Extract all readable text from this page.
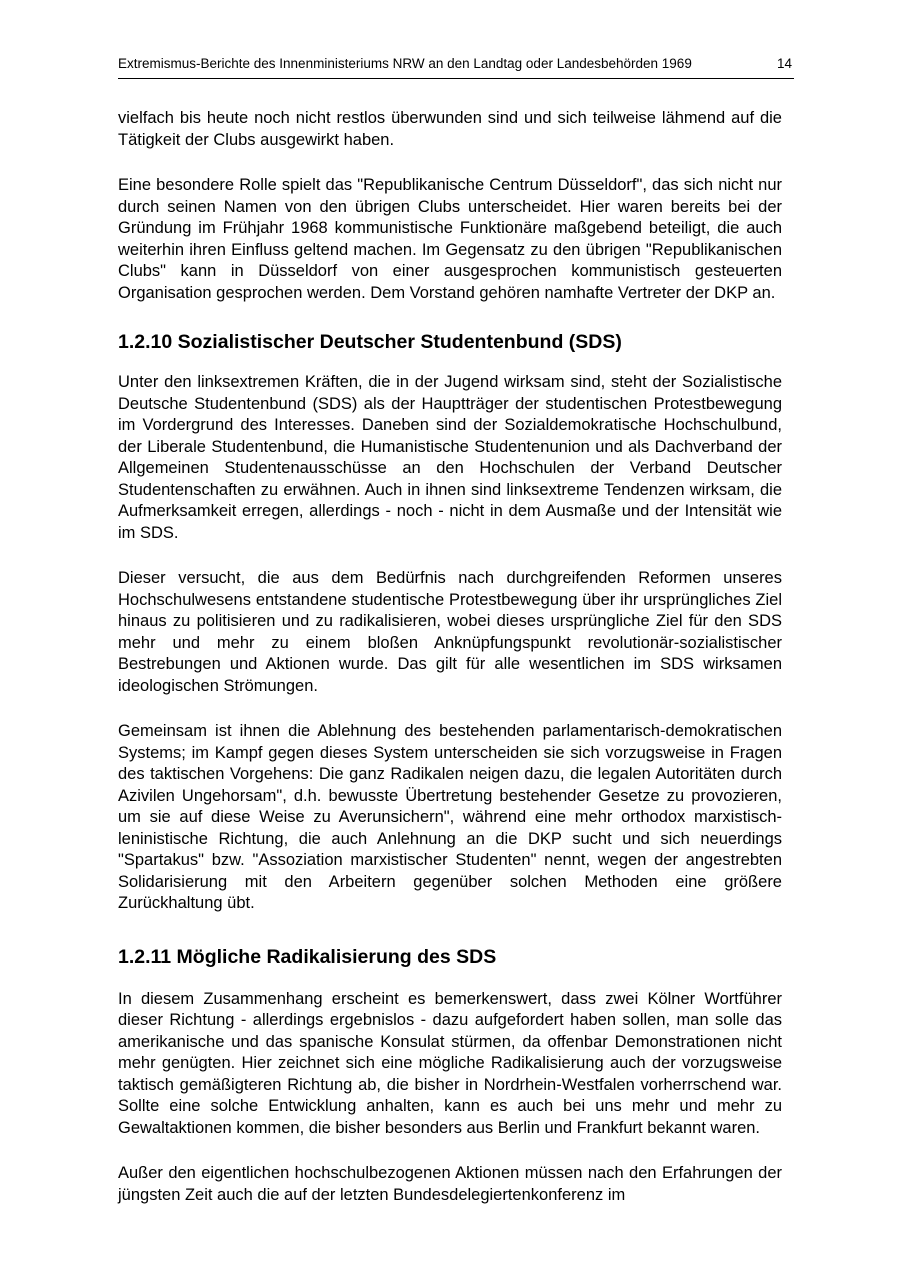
Extremismus-Berichte des Innenministeriums NRW an den Landtag oder Landesbehörden 1969	14

vielfach bis heute noch nicht restlos überwunden sind und sich teilweise lähmend auf die Tätigkeit der Clubs ausgewirkt haben.

Eine besondere Rolle spielt das "Republikanische Centrum Düsseldorf", das sich nicht nur durch seinen Namen von den übrigen Clubs unterscheidet. Hier waren bereits bei der Gründung im Frühjahr 1968 kommunistische Funktionäre maßgebend beteiligt, die auch weiterhin ihren Einfluss geltend machen. Im Gegensatz zu den übrigen "Republikanischen Clubs" kann in Düsseldorf von einer ausgesprochen kommunistisch gesteuerten Organisation gesprochen werden. Dem Vorstand gehören namhafte Vertreter der DKP an.

1.2.10 Sozialistischer Deutscher Studentenbund (SDS)

Unter den linksextremen Kräften, die in der Jugend wirksam sind, steht der Sozialistische Deutsche Studentenbund (SDS) als der Hauptträger der studentischen Protestbewegung im Vordergrund des Interesses. Daneben sind der Sozialdemokratische Hochschulbund, der Liberale Studentenbund, die Humanistische Studentenunion und als Dachverband der Allgemeinen Studentenausschüsse an den Hochschulen der Verband Deutscher Studentenschaften zu erwähnen. Auch in ihnen sind linksextreme Tendenzen wirksam, die Aufmerksamkeit erregen, allerdings - noch - nicht in dem Ausmaße und der Intensität wie im SDS.

Dieser versucht, die aus dem Bedürfnis nach durchgreifenden Reformen unseres Hochschulwesens entstandene studentische Protestbewegung über ihr ursprüngliches Ziel hinaus zu politisieren und zu radikalisieren, wobei dieses ursprüngliche Ziel für den SDS mehr und mehr zu einem bloßen Anknüpfungspunkt revolutionär-sozialistischer Bestrebungen und Aktionen wurde. Das gilt für alle wesentlichen im SDS wirksamen ideologischen Strömungen.

Gemeinsam ist ihnen die Ablehnung des bestehenden parlamentarisch-demokratischen Systems; im Kampf gegen dieses System unterscheiden sie sich vorzugsweise in Fragen des taktischen Vorgehens: Die ganz Radikalen neigen dazu, die legalen Autoritäten durch Azivilen Ungehorsam", d.h. bewusste Übertretung bestehender Gesetze zu provozieren, um sie auf diese Weise zu Averunsichern", während eine mehr orthodox marxistisch-leninistische Richtung, die auch Anlehnung an die DKP sucht und sich neuerdings "Spartakus" bzw. "Assoziation marxistischer Studenten" nennt, wegen der angestrebten Solidarisierung mit den Arbeitern gegenüber solchen Methoden eine größere Zurückhaltung übt.

1.2.11 Mögliche Radikalisierung des SDS

In diesem Zusammenhang erscheint es bemerkenswert, dass zwei Kölner Wortführer dieser Richtung - allerdings ergebnislos - dazu aufgefordert haben sollen, man solle das amerikanische und das spanische Konsulat stürmen, da offenbar Demonstrationen nicht mehr genügten. Hier zeichnet sich eine mögliche Radikalisierung auch der vorzugsweise taktisch gemäßigteren Richtung ab, die bisher in Nordrhein-Westfalen vorherrschend war. Sollte eine solche Entwicklung anhalten, kann es auch bei uns mehr und mehr zu Gewaltaktionen kommen, die bisher besonders aus Berlin und Frankfurt bekannt waren.

Außer den eigentlichen hochschulbezogenen Aktionen müssen nach den Erfahrungen der jüngsten Zeit auch die auf der letzten Bundesdelegiertenkonferenz im
